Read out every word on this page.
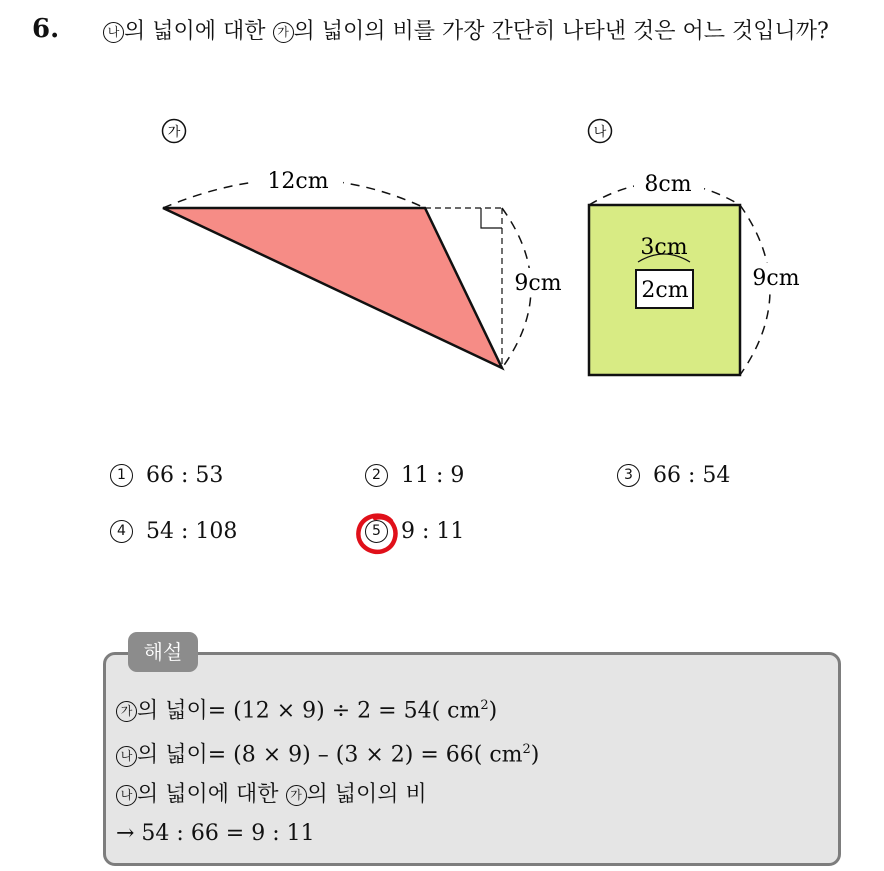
6.	나 의 넓이에 대한 가 의 넓이의 비를 가장 간단히 나타낸 것은 어느 것입니까?
가
12cm
9cm
나
8cm
9cm
3cm
2cm
1 66 : 53	2 11 : 9	3 66 : 54
4 54 : 108	5 9 : 11
해설
가 의 넓이= (12 × 9) ÷ 2 = 54( $cm^2$)
나 의 넓이= (8 × 9) – (3 × 2) = 66( $cm^2$)
나 의 넓이에 대한 가 의 넓이의 비
→ 54 : 66 = 9 : 11
